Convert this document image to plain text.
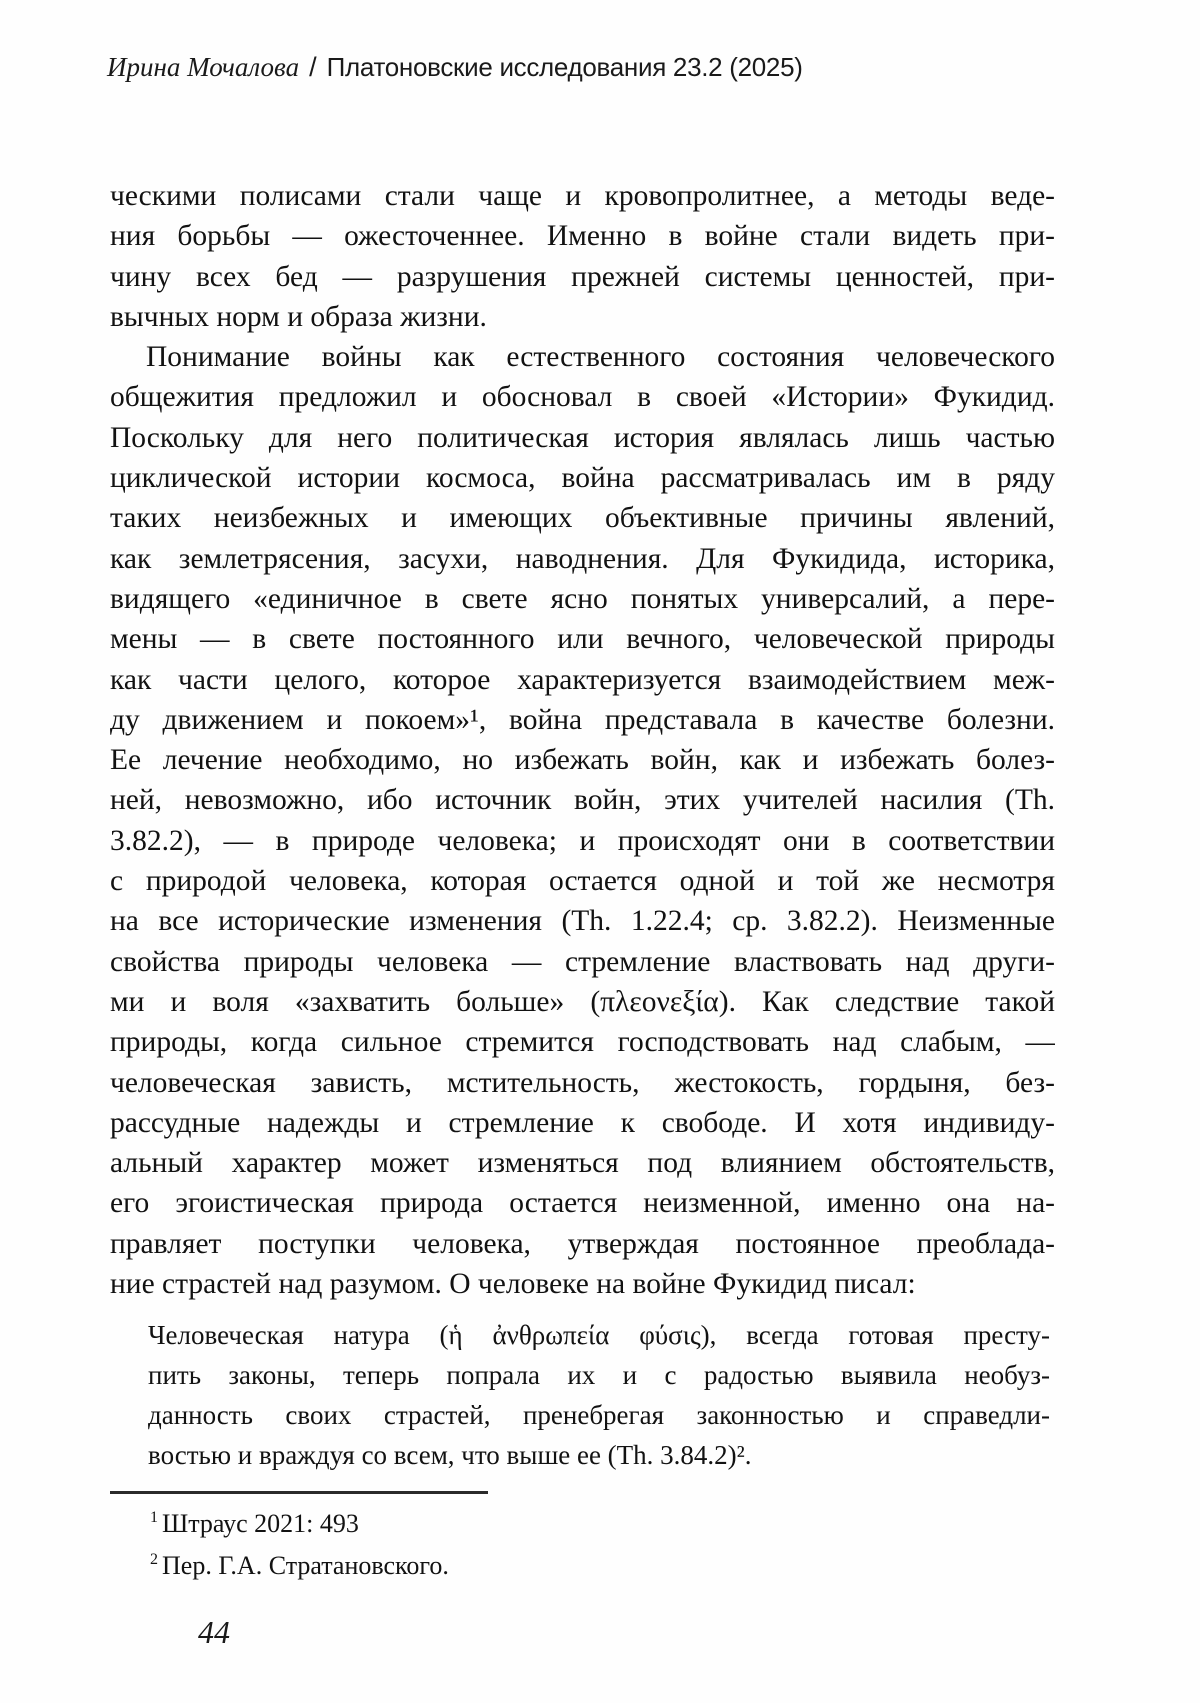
Ирина Мочалова / Платоновские исследования 23.2 (2025)
ческими полисами стали чаще и кровопролитнее, а методы веде-
ния борьбы — ожесточеннее. Именно в войне стали видеть при-
чину всех бед — разрушения прежней системы ценностей, при-
вычных норм и образа жизни.
Понимание войны как естественного состояния человеческого
общежития предложил и обосновал в своей «Истории» Фукидид.
Поскольку для него политическая история являлась лишь частью
циклической истории космоса, война рассматривалась им в ряду
таких неизбежных и имеющих объективные причины явлений,
как землетрясения, засухи, наводнения. Для Фукидида, историка,
видящего «единичное в свете ясно понятых универсалий, а пере-
мены — в свете постоянного или вечного, человеческой природы
как части целого, которое характеризуется взаимодействием меж-
ду движением и покоем»¹, война представала в качестве болезни.
Ее лечение необходимо, но избежать войн, как и избежать болез-
ней, невозможно, ибо источник войн, этих учителей насилия (Th.
3.82.2), — в природе человека; и происходят они в соответствии
с природой человека, которая остается одной и той же несмотря
на все исторические изменения (Th. 1.22.4; ср. 3.82.2). Неизменные
свойства природы человека — стремление властвовать над други-
ми и воля «захватить больше» (πλεονεξία). Как следствие такой
природы, когда сильное стремится господствовать над слабым, —
человеческая зависть, мстительность, жестокость, гордыня, без-
рассудные надежды и стремление к свободе. И хотя индивиду-
альный характер может изменяться под влиянием обстоятельств,
его эгоистическая природа остается неизменной, именно она на-
правляет поступки человека, утверждая постоянное преоблада-
ние страстей над разумом. О человеке на войне Фукидид писал:
Человеческая натура (ἡ ἀνθρωπεία φύσις), всегда готовая престу-
пить законы, теперь попрала их и с радостью выявила необуз-
данность своих страстей, пренебрегая законностью и справедли-
востью и враждуя со всем, что выше ее (Th. 3.84.2)².
$^1$ Штраус 2021: 493
$^2$ Пер. Г.А. Стратановского.
44
